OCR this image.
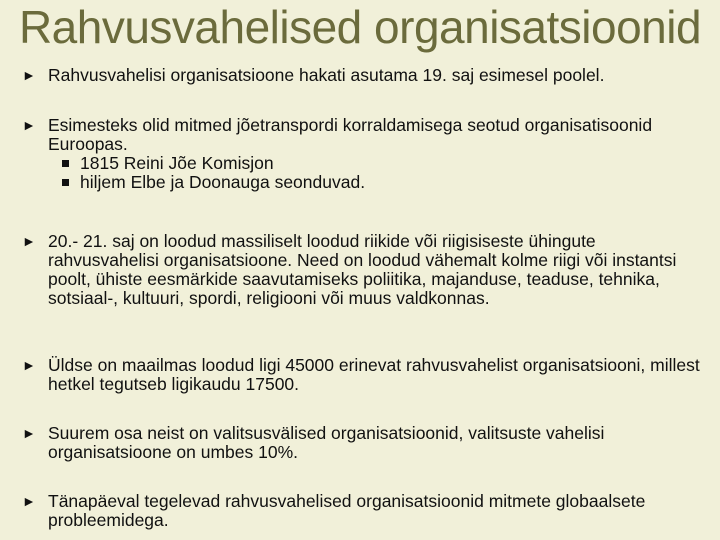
Rahvusvahelised organisatsioonid
► Rahvusvahelisi organisatsioone hakati asutama 19. saj esimesel poolel.
► Esimesteks olid mitmed jõetranspordi korraldamisega seotud organisatisoonid Euroopas.
1815 Reini Jõe Komisjon
hiljem Elbe ja Doonauga seonduvad.
► 20.- 21. saj on loodud massiliselt loodud riikide või riigisiseste ühingute rahvusvahelisi organisatsioone. Need on loodud vähemalt kolme riigi või instantsi poolt, ühiste eesmärkide saavutamiseks poliitika, majanduse, teaduse, tehnika, sotsiaal-, kultuuri, spordi, religiooni või muus valdkonnas.
► Üldse on maailmas loodud ligi 45000 erinevat rahvusvahelist organisatsiooni, millest hetkel tegutseb ligikaudu 17500.
► Suurem osa neist on valitsusvälised organisatsioonid, valitsuste vahelisi organisatsioone on umbes 10%.
► Tänapäeval tegelevad rahvusvahelised organisatsioonid mitmete globaalsete probleemidega.
